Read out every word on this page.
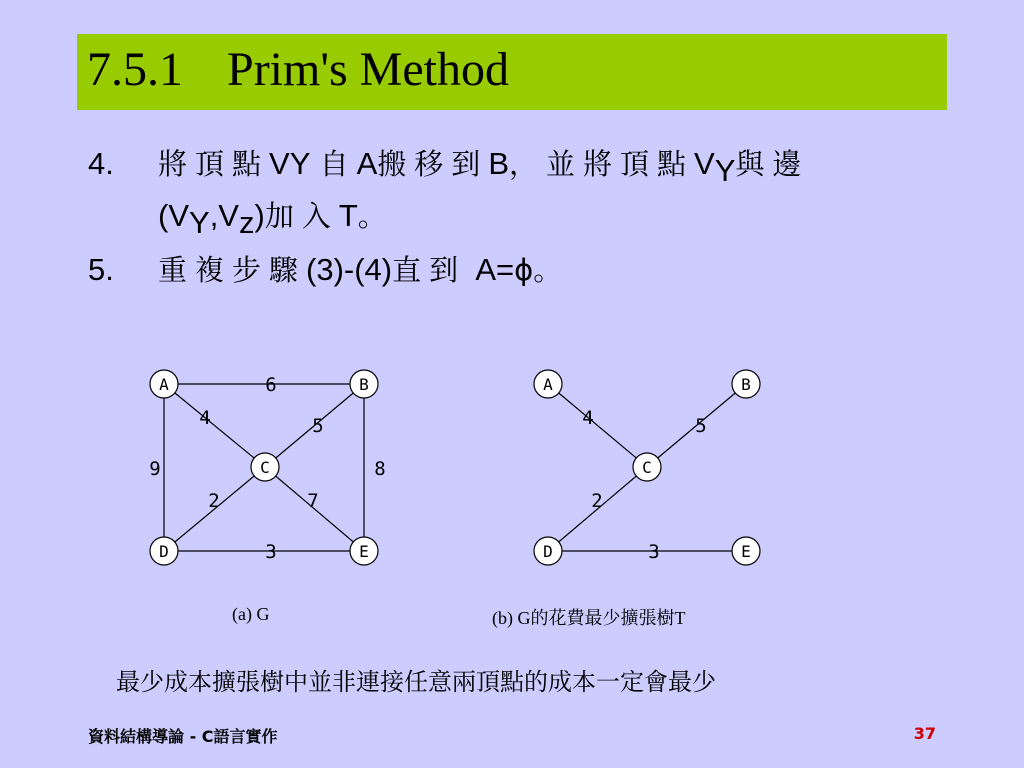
7.5.1 Prim's Method
4. 將頂點VY 自A搬移到B，並將頂點$V_Y$與邊
$(V_Y,V_z)$加入T。
5. 重複步驟(3)-(4)直到 A=ϕ。
6
4	5
9	8
2	7
3
A	B
C
D	E
4	5
2
3
A	B
C
D	E
(a) G	(b) G的花費最少擴張樹T
最少成本擴張樹中並非連接任意兩頂點的成本一定會最少
資料結構導論 - C語言實作	37
